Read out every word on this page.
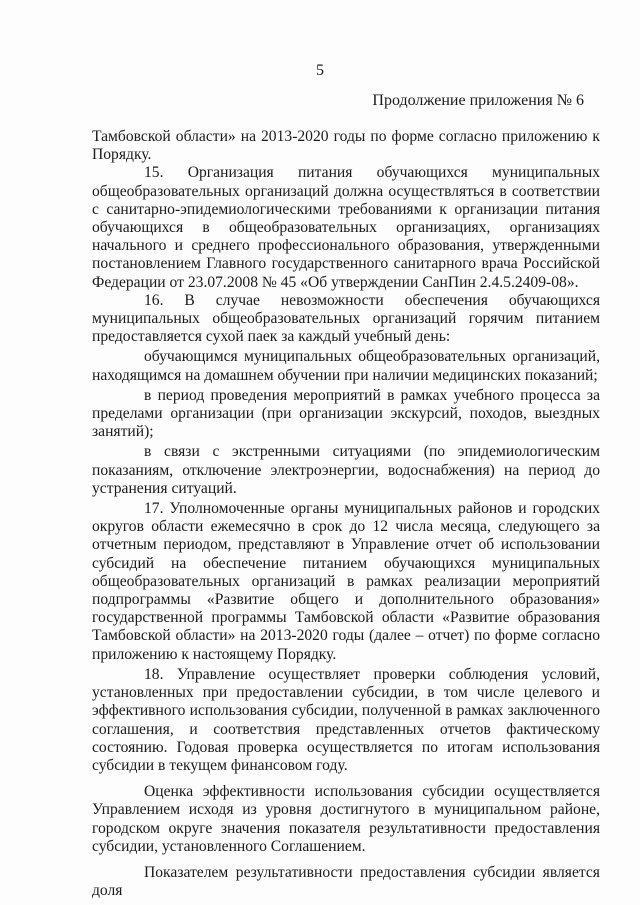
5
Продолжение приложения № 6

Тамбовской области» на 2013-2020 годы по форме согласно приложению к Порядку.

15. Организация питания обучающихся муниципальных общеобразовательных организаций должна осуществляться в соответствии с санитарно-эпидемиологическими требованиями к организации питания обучающихся в общеобразовательных организациях, организациях начального и среднего профессионального образования, утвержденными постановлением Главного государственного санитарного врача Российской Федерации от 23.07.2008 № 45 «Об утверждении СанПин 2.4.5.2409-08».

16. В случае невозможности обеспечения обучающихся муниципальных общеобразовательных организаций горячим питанием предоставляется сухой паек за каждый учебный день:

обучающимся муниципальных общеобразовательных организаций, находящимся на домашнем обучении при наличии медицинских показаний;

в период проведения мероприятий в рамках учебного процесса за пределами организации (при организации экскурсий, походов, выездных занятий);

в связи с экстренными ситуациями (по эпидемиологическим показаниям, отключение электроэнергии, водоснабжения) на период до устранения ситуаций.

17. Уполномоченные органы муниципальных районов и городских округов области ежемесячно в срок до 12 числа месяца, следующего за отчетным периодом, представляют в Управление отчет об использовании субсидий на обеспечение питанием обучающихся муниципальных общеобразовательных организаций в рамках реализации мероприятий подпрограммы «Развитие общего и дополнительного образования» государственной программы Тамбовской области «Развитие образования Тамбовской области» на 2013-2020 годы (далее – отчет) по форме согласно приложению к настоящему Порядку.

18. Управление осуществляет проверки соблюдения условий, установленных при предоставлении субсидии, в том числе целевого и эффективного использования субсидии, полученной в рамках заключенного соглашения, и соответствия представленных отчетов фактическому состоянию. Годовая проверка осуществляется по итогам использования субсидии в текущем финансовом году.

Оценка эффективности использования субсидии осуществляется Управлением исходя из уровня достигнутого в муниципальном районе, городском округе значения показателя результативности предоставления субсидии, установленного Соглашением.

Показателем результативности предоставления субсидии является доля
